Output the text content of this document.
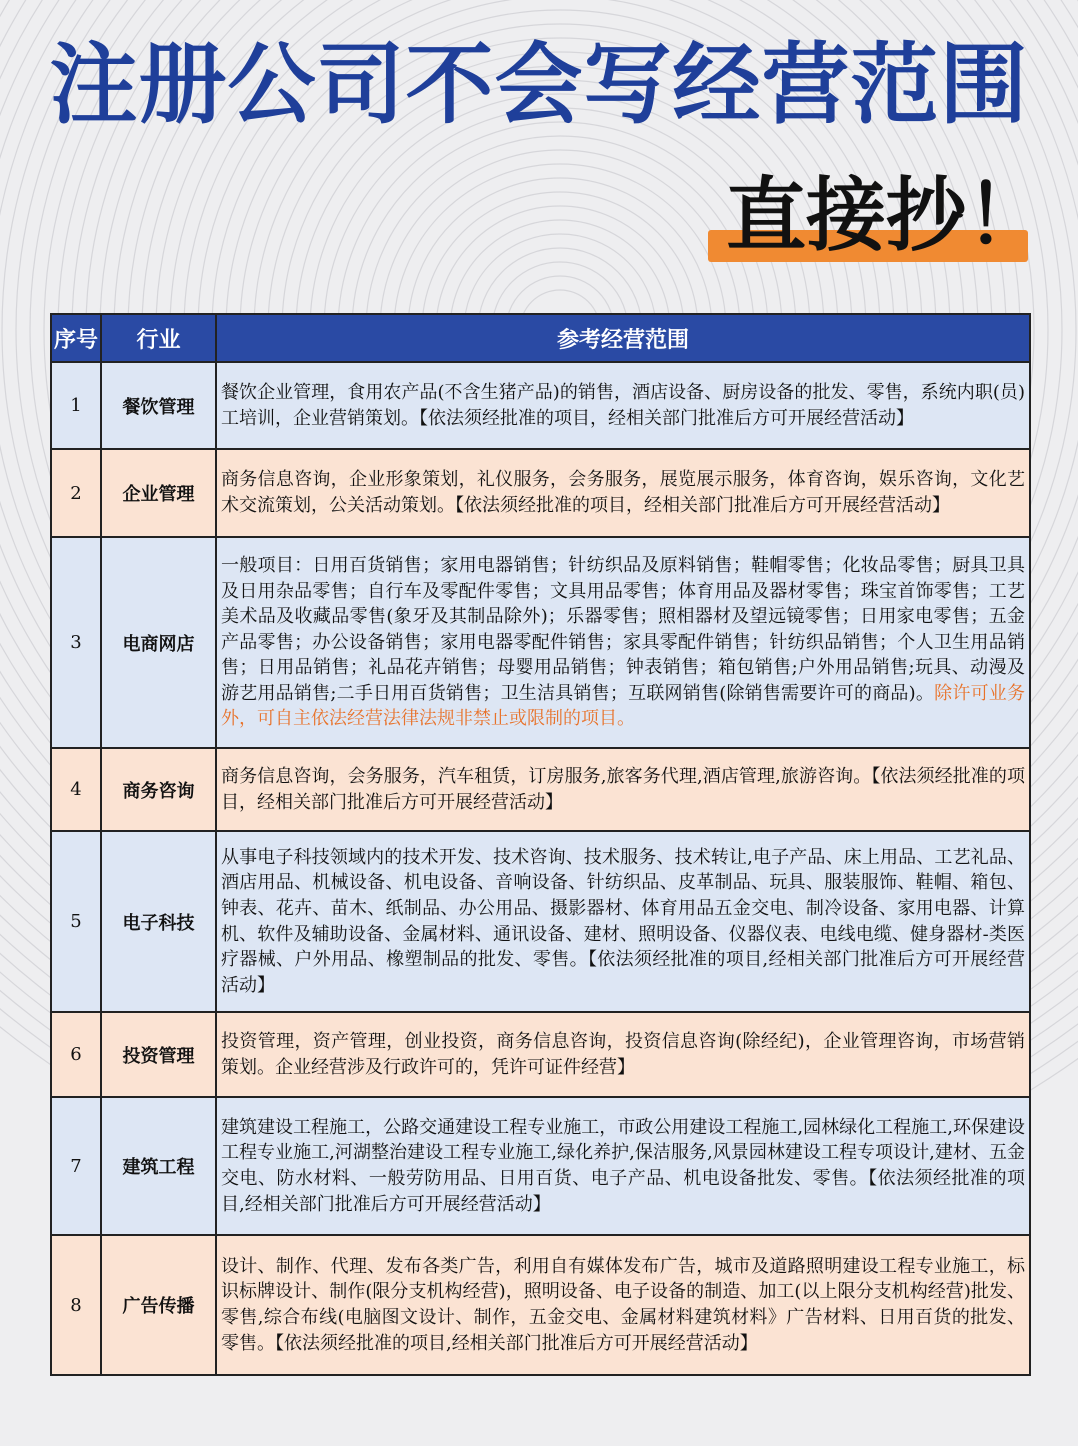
注册公司不会写经营范围
直接抄！
序号	行业	参考经营范围
1	餐饮管理	餐饮企业管理，食用农产品(不含生猪产品)的销售，酒店设备、厨房设备的批发、零售，系统内职(员)工培训，企业营销策划。【依法须经批准的项目，经相关部门批准后方可开展经营活动】
2	企业管理	商务信息咨询，企业形象策划，礼仪服务，会务服务，展览展示服务，体育咨询，娱乐咨询，文化艺术交流策划，公关活动策划。【依法须经批准的项目，经相关部门批准后方可开展经营活动】
3	电商网店	一般项目：日用百货销售；家用电器销售；针纺织品及原料销售；鞋帽零售；化妆品零售；厨具卫具及日用杂品零售；自行车及零配件零售；文具用品零售；体育用品及器材零售；珠宝首饰零售；工艺美术品及收藏品零售(象牙及其制品除外)；乐器零售；照相器材及望远镜零售；日用家电零售；五金产品零售；办公设备销售；家用电器零配件销售；家具零配件销售；针纺织品销售；个人卫生用品销售；日用品销售；礼品花卉销售；母婴用品销售；钟表销售；箱包销售;户外用品销售;玩具、动漫及游艺用品销售;二手日用百货销售；卫生洁具销售；互联网销售(除销售需要许可的商品)。除许可业务外，可自主依法经营法律法规非禁止或限制的项目。
4	商务咨询	商务信息咨询，会务服务，汽车租赁，订房服务,旅客务代理,酒店管理,旅游咨询。【依法须经批准的项目，经相关部门批准后方可开展经营活动】
5	电子科技	从事电子科技领域内的技术开发、技术咨询、技术服务、技术转让,电子产品、床上用品、工艺礼品、酒店用品、机械设备、机电设备、音响设备、针纺织品、皮革制品、玩具、服装服饰、鞋帽、箱包、钟表、花卉、苗木、纸制品、办公用品、摄影器材、体育用品五金交电、制冷设备、家用电器、计算机、软件及辅助设备、金属材料、通讯设备、建材、照明设备、仪器仪表、电线电缆、健身器材-类医疗器械、户外用品、橡塑制品的批发、零售。【依法须经批准的项目,经相关部门批准后方可开展经营活动】
6	投资管理	投资管理，资产管理，创业投资，商务信息咨询，投资信息咨询(除经纪)，企业管理咨询，市场营销策划。企业经营涉及行政许可的，凭许可证件经营】
7	建筑工程	建筑建设工程施工，公路交通建设工程专业施工，市政公用建设工程施工,园林绿化工程施工,环保建设工程专业施工,河湖整治建设工程专业施工,绿化养护,保洁服务,风景园林建设工程专项设计,建材、五金交电、防水材料、一般劳防用品、日用百货、电子产品、机电设备批发、零售。【依法须经批准的项目,经相关部门批准后方可开展经营活动】
8	广告传播	设计、制作、代理、发布各类广告，利用自有媒体发布广告，城市及道路照明建设工程专业施工，标识标牌设计、制作(限分支机构经营)，照明设备、电子设备的制造、加工(以上限分支机构经营)批发、零售,综合布线(电脑图文设计、制作，五金交电、金属材料建筑材料》广告材料、日用百货的批发、零售。【依法须经批准的项目,经相关部门批准后方可开展经营活动】
